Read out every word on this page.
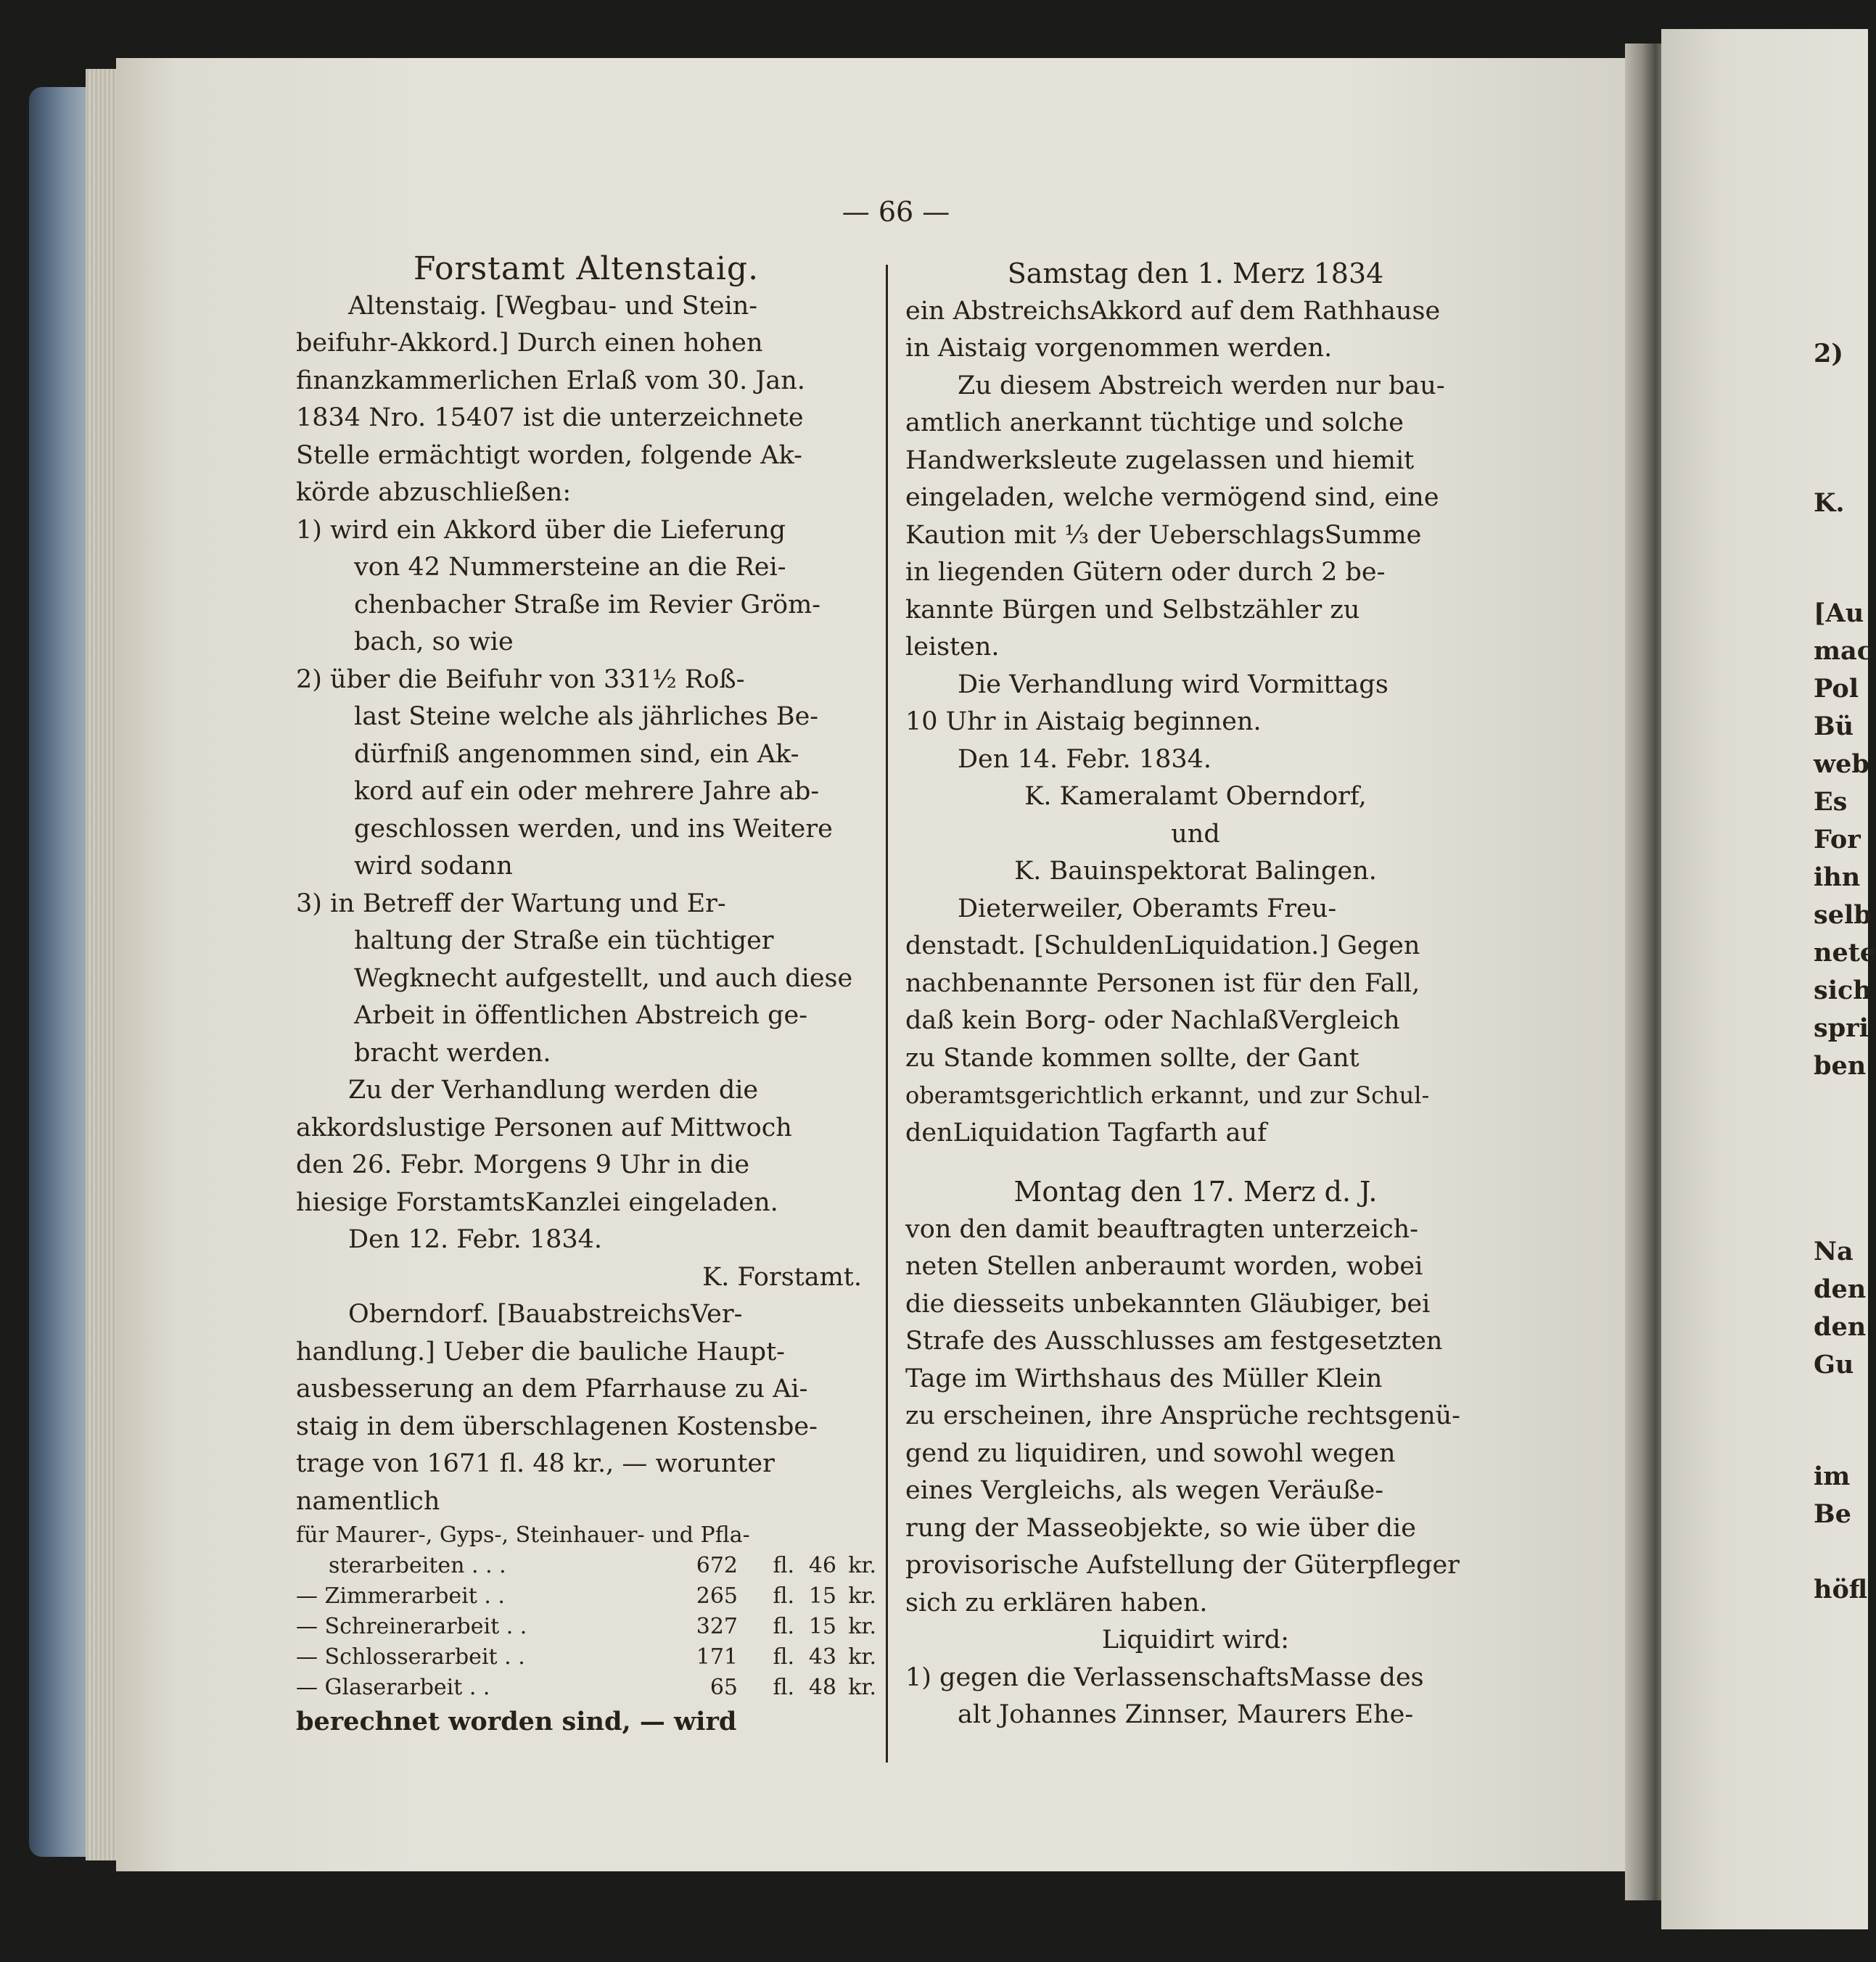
— 66 —
Forstamt Altenstaig.
Altenstaig. [Wegbau- und Stein-
beifuhr-Akkord.] Durch einen hohen
finanzkammerlichen Erlaß vom 30. Jan.
1834 Nro. 15407 ist die unterzeichnete
Stelle ermächtigt worden, folgende Ak-
körde abzuschließen:
1) wird ein Akkord über die Lieferung
von 42 Nummersteine an die Rei-
chenbacher Straße im Revier Gröm-
bach, so wie
2) über die Beifuhr von 331½ Roß-
last Steine welche als jährliches Be-
dürfniß angenommen sind, ein Ak-
kord auf ein oder mehrere Jahre ab-
geschlossen werden, und ins Weitere
wird sodann
3) in Betreff der Wartung und Er-
haltung der Straße ein tüchtiger
Wegknecht aufgestellt, und auch diese
Arbeit in öffentlichen Abstreich ge-
bracht werden.
Zu der Verhandlung werden die
akkordslustige Personen auf Mittwoch
den 26. Febr. Morgens 9 Uhr in die
hiesige ForstamtsKanzlei eingeladen.
Den 12. Febr. 1834.
K. Forstamt.
Oberndorf. [BauabstreichsVer-
handlung.] Ueber die bauliche Haupt-
ausbesserung an dem Pfarrhause zu Ai-
staig in dem überschlagenen Kostensbe-
trage von 1671 fl. 48 kr., — worunter
namentlich
für Maurer-, Gyps-, Steinhauer- und Pfla-
sterarbeiten . . .	672	fl. 46 kr.
— Zimmerarbeit . .	265	fl. 15 kr.
— Schreinerarbeit . .	327	fl. 15 kr.
— Schlosserarbeit . .	171	fl. 43 kr.
— Glaserarbeit . .	65	fl. 48 kr.
berechnet worden sind, — wird
Samstag den 1. Merz 1834
ein AbstreichsAkkord auf dem Rathhause
in Aistaig vorgenommen werden.
Zu diesem Abstreich werden nur bau-
amtlich anerkannt tüchtige und solche
Handwerksleute zugelassen und hiemit
eingeladen, welche vermögend sind, eine
Kaution mit ⅓ der UeberschlagsSumme
in liegenden Gütern oder durch 2 be-
kannte Bürgen und Selbstzähler zu
leisten.
Die Verhandlung wird Vormittags
10 Uhr in Aistaig beginnen.
Den 14. Febr. 1834.
K. Kameralamt Oberndorf,
und
K. Bauinspektorat Balingen.
Dieterweiler, Oberamts Freu-
denstadt. [SchuldenLiquidation.] Gegen
nachbenannte Personen ist für den Fall,
daß kein Borg- oder NachlaßVergleich
zu Stande kommen sollte, der Gant
oberamtsgerichtlich erkannt, und zur Schul-
denLiquidation Tagfarth auf
Montag den 17. Merz d. J.
von den damit beauftragten unterzeich-
neten Stellen anberaumt worden, wobei
die diesseits unbekannten Gläubiger, bei
Strafe des Ausschlusses am festgesetzten
Tage im Wirthshaus des Müller Klein
zu erscheinen, ihre Ansprüche rechtsgenü-
gend zu liquidiren, und sowohl wegen
eines Vergleichs, als wegen Veräuße-
rung der Masseobjekte, so wie über die
provisorische Aufstellung der Güterpfleger
sich zu erklären haben.
Liquidirt wird:
1) gegen die VerlassenschaftsMasse des
alt Johannes Zinnser, Maurers Ehe-
2)
K.
[Au
mac
Pol
Bü
web
Es
For
ihn
selb
nete
sich
spri
ben
Na
den
den
Gu
im
Be
höfl
